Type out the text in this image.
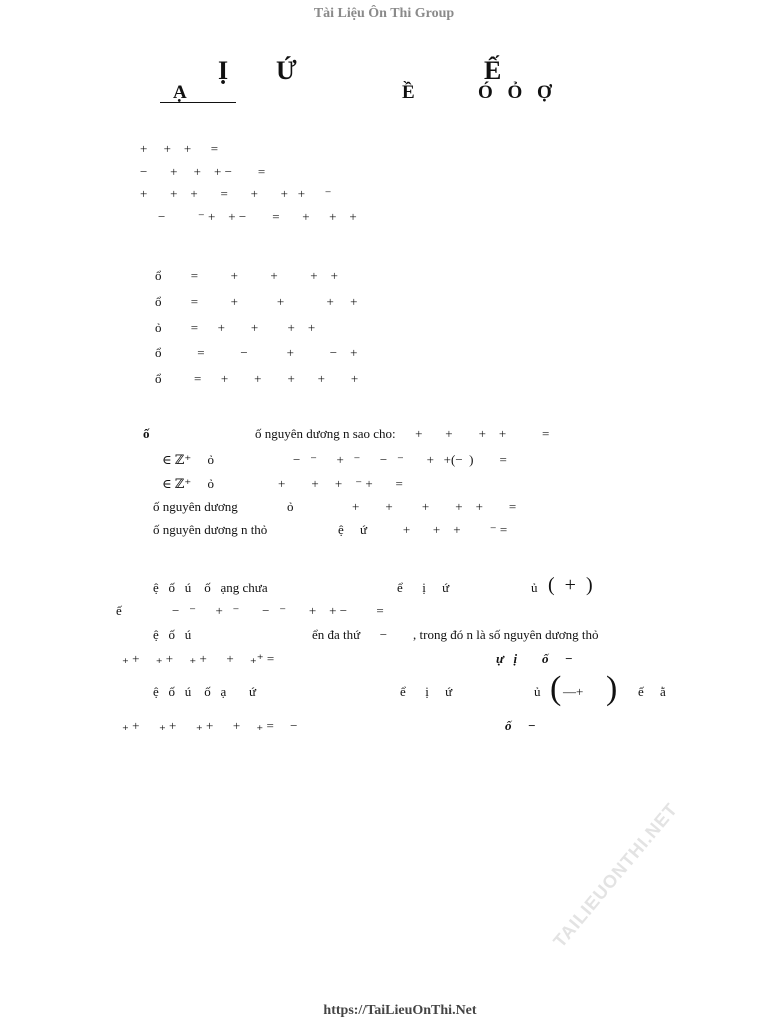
Tài Liệu Ôn Thi Group
Ị Ứ	Ế
Ạ	Ề	Ó Ỏ Ợ
+     +    +      =
−       +     +    + −        =
+       +    +       =       +       +   +      ⁻
−          ⁻ +    + −        =       +      +    +
ổ         =          +          +          +    +
ổ         =          +            +             +     +
ỏ         =      +        +         +    +
ổ           =           −            +           −    +
ổ          =      +        +        +       +        +
ố	ố nguyên dương n sao cho:      +       +        +    +           =
∈ ℤ⁺     ỏ	−   ⁻      +   ⁻      −   ⁻       +   +(−  )        =
∈ ℤ⁺     ỏ	+        +     +    ⁻ +       =
ố nguyên dương	ỏ                  +        +         +        +    +        =
ố nguyên dương n thỏ	ệ     ứ           +       +    +         ⁻ =
ệ   ố   ú    ố   ạng chưa	ể      ị     ứ	ủ (  +  )
ế	−   ⁻      +   ⁻       −   ⁻       +    + −         =
ệ   ố   ú	ển đa thứ      −        , trong đó n là số nguyên dương thỏ
₊ +     ₊ +     ₊ +      +     ₊⁺ =	ự   ị ố     −
ệ   ố   ú    ố   ạ       ứ	ể      ị     ứ	ủ ( —+ ) ế     ằ
₊ +      ₊ +      ₊ +      +     ₊ =     −	ố     −
TAILIEUONTHI.NET
https://TaiLieuOnThi.Net
